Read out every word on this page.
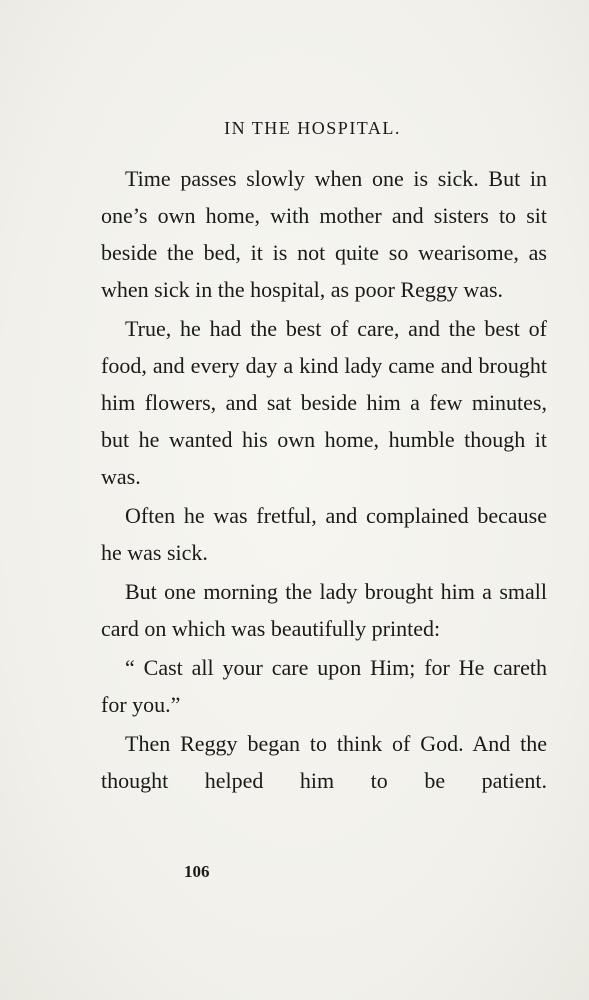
IN THE HOSPITAL.

Time passes slowly when one is sick. But in one’s own home, with mother and sisters to sit beside the bed, it is not quite so wearisome, as when sick in the hospital, as poor Reggy was.

True, he had the best of care, and the best of food, and every day a kind lady came and brought him flowers, and sat beside him a few minutes, but he wanted his own home, humble though it was.

Often he was fretful, and complained because he was sick.

But one morning the lady brought him a small card on which was beautifully printed:

“ Cast all your care upon Him; for He careth for you.”

Then Reggy began to think of God. And the thought helped him to be patient.

106
